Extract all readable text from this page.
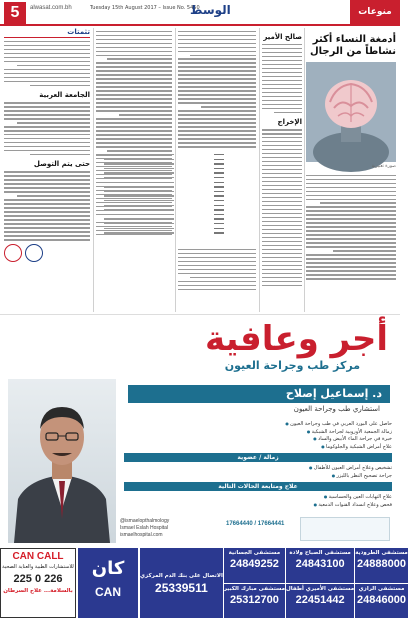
5	alwasat.com.bh	Tuesday 15th August 2017 – Issue No. 5450
الوسط	منوعات
تثمتات
الجامعة العربية
حتى يتم التوصل
صالح الأمير
الإخراج
أدمغة النساء أكثر
نشاطاً من الرجال
صورة تعبيرية
أجر وعافية
مركز طب وجراحة العيون
د. إسماعيل إصلاح
استشاري طب وجراحة العيون
حاصل على البورد العربي في طب وجراحة العيون ●
زمالة الجمعية الأوروبية لجراحة الشبكية ●
خبرة في جراحة الماء الأبيض والساد ●
علاج أمراض الشبكية والجلوكوما ●
زمالة / عضوية
تشخيص وعلاج أمراض العيون للأطفال ●
جراحة تصحيح النظر بالليزر ●
علاج ومتابعة الحالات التالية
علاج التهابات العين والحساسية ●
فحص وعلاج انسداد القنوات الدمعية ●
@ismaelopthalmology
Ismael Eslah Hospital
ismaelhospital.com
17664440 / 17664441
CAN CALL
للاستشارات الطبية والعناية الصحية
225 0 226
بالسلامة... علاج السرطان
كان
CAN
الاتصال على بنك الدم المركزي
25339511
مستشفى الجسانية
24849252
مستشفى الصباح ولادة
24843100
مستشفى الطرودية
24888000
مستشفى مبارك الكبير
25312700
مستشفى الأميري أطفال
22451442
مستشفى الرازي
24846000
